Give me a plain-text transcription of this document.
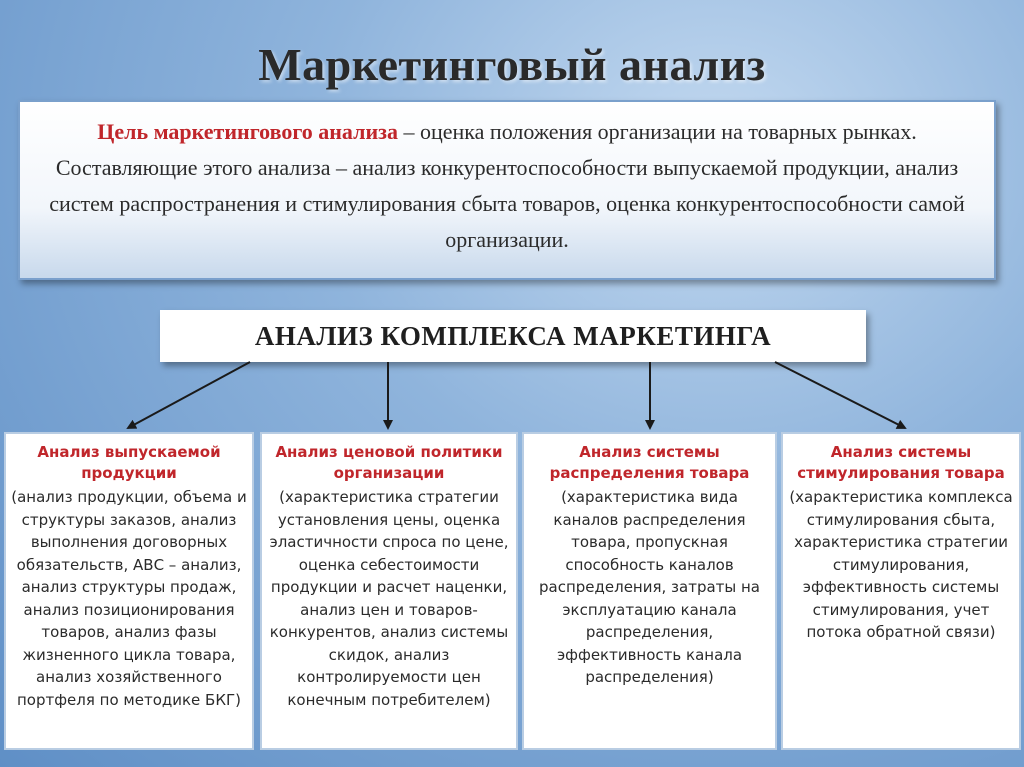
Маркетинговый анализ
Цель маркетингового анализа – оценка положения организации на товарных рынках. Составляющие этого анализа – анализ конкурентоспособности выпускаемой продукции, анализ систем распространения и стимулирования сбыта товаров, оценка конкурентоспособности самой организации.
АНАЛИЗ КОМПЛЕКСА МАРКЕТИНГА
Анализ выпускаемой продукции
(анализ продукции, объема и структуры заказов, анализ выполнения договорных обязательств, АВС – анализ, анализ структуры продаж, анализ позиционирования товаров, анализ фазы жизненного цикла товара, анализ хозяйственного портфеля по методике БКГ)
Анализ ценовой политики организации
(характеристика стратегии установления цены, оценка эластичности спроса по цене, оценка себестоимости продукции и расчет наценки, анализ цен и товаров-конкурентов, анализ системы скидок, анализ контролируемости цен конечным потребителем)
Анализ системы распределения товара
(характеристика вида каналов распределения товара, пропускная способность каналов распределения, затраты на эксплуатацию канала распределения, эффективность канала распределения)
Анализ системы стимулирования товара
(характеристика комплекса стимулирования сбыта, характеристика стратегии стимулирования, эффективность системы стимулирования, учет потока обратной связи)
